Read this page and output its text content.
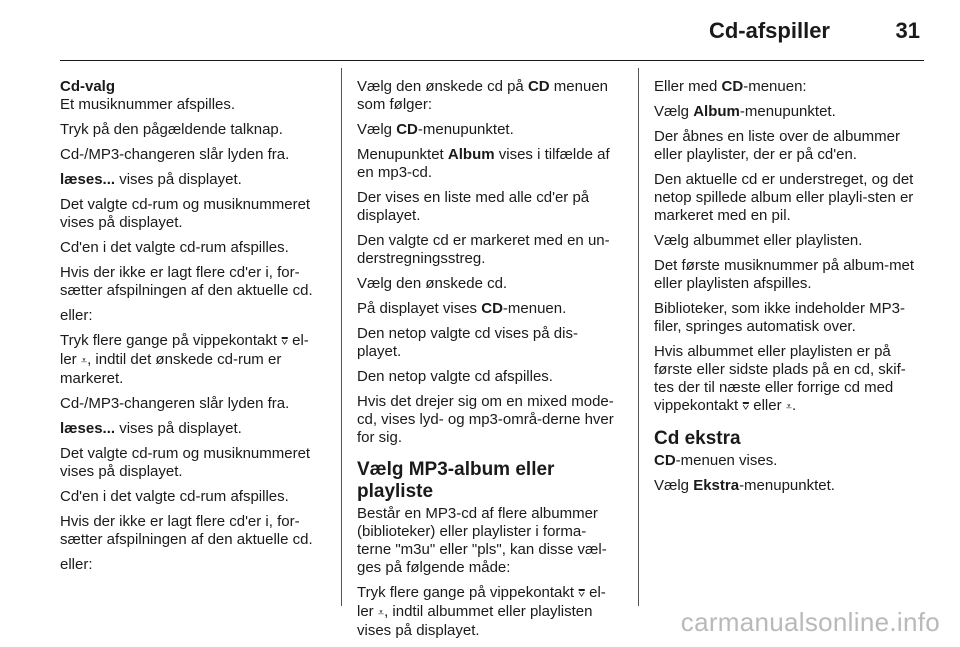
Cd-afspiller	31
Cd-valg

Et musiknummer afspilles.

Tryk på den pågældende talknap.

Cd-/MP3-changeren slår lyden fra.

læses... vises på displayet.

Det valgte cd-rum og musiknummeret vises på displayet.

Cd'en i det valgte cd-rum afspilles.

Hvis der ikke er lagt flere cd'er i, for-sætter afspilningen af den aktuelle cd.

eller:

Tryk flere gange på vippekontakt ⩢ el-ler ⩡, indtil det ønskede cd-rum er markeret.

Cd-/MP3-changeren slår lyden fra.

læses... vises på displayet.

Det valgte cd-rum og musiknummeret vises på displayet.

Cd'en i det valgte cd-rum afspilles.

Hvis der ikke er lagt flere cd'er i, for-sætter afspilningen af den aktuelle cd.

eller:

Vælg den ønskede cd på CD menuen som følger:

Vælg CD-menupunktet.

Menupunktet Album vises i tilfælde af en mp3-cd.

Der vises en liste med alle cd'er på displayet.

Den valgte cd er markeret med en un-derstregningsstreg.

Vælg den ønskede cd.

På displayet vises CD-menuen.

Den netop valgte cd vises på dis-playet.

Den netop valgte cd afspilles.

Hvis det drejer sig om en mixed mode-cd, vises lyd- og mp3-områ-derne hver for sig.

Vælg MP3-album eller playliste

Består en MP3-cd af flere albummer (biblioteker) eller playlister i forma-terne "m3u" eller "pls", kan disse væl-ges på følgende måde:

Tryk flere gange på vippekontakt ⩢ el-ler ⩡, indtil albummet eller playlisten vises på displayet.

Eller med CD-menuen:

Vælg Album-menupunktet.

Der åbnes en liste over de albummer eller playlister, der er på cd'en.

Den aktuelle cd er understreget, og det netop spillede album eller playli-sten er markeret med en pil.

Vælg albummet eller playlisten.

Det første musiknummer på album-met eller playlisten afspilles.

Biblioteker, som ikke indeholder MP3-filer, springes automatisk over.

Hvis albummet eller playlisten er på første eller sidste plads på en cd, skif-tes der til næste eller forrige cd med vippekontakt ⩢ eller ⩡.

Cd ekstra

CD-menuen vises.

Vælg Ekstra-menupunktet.

carmanualsonline.info
